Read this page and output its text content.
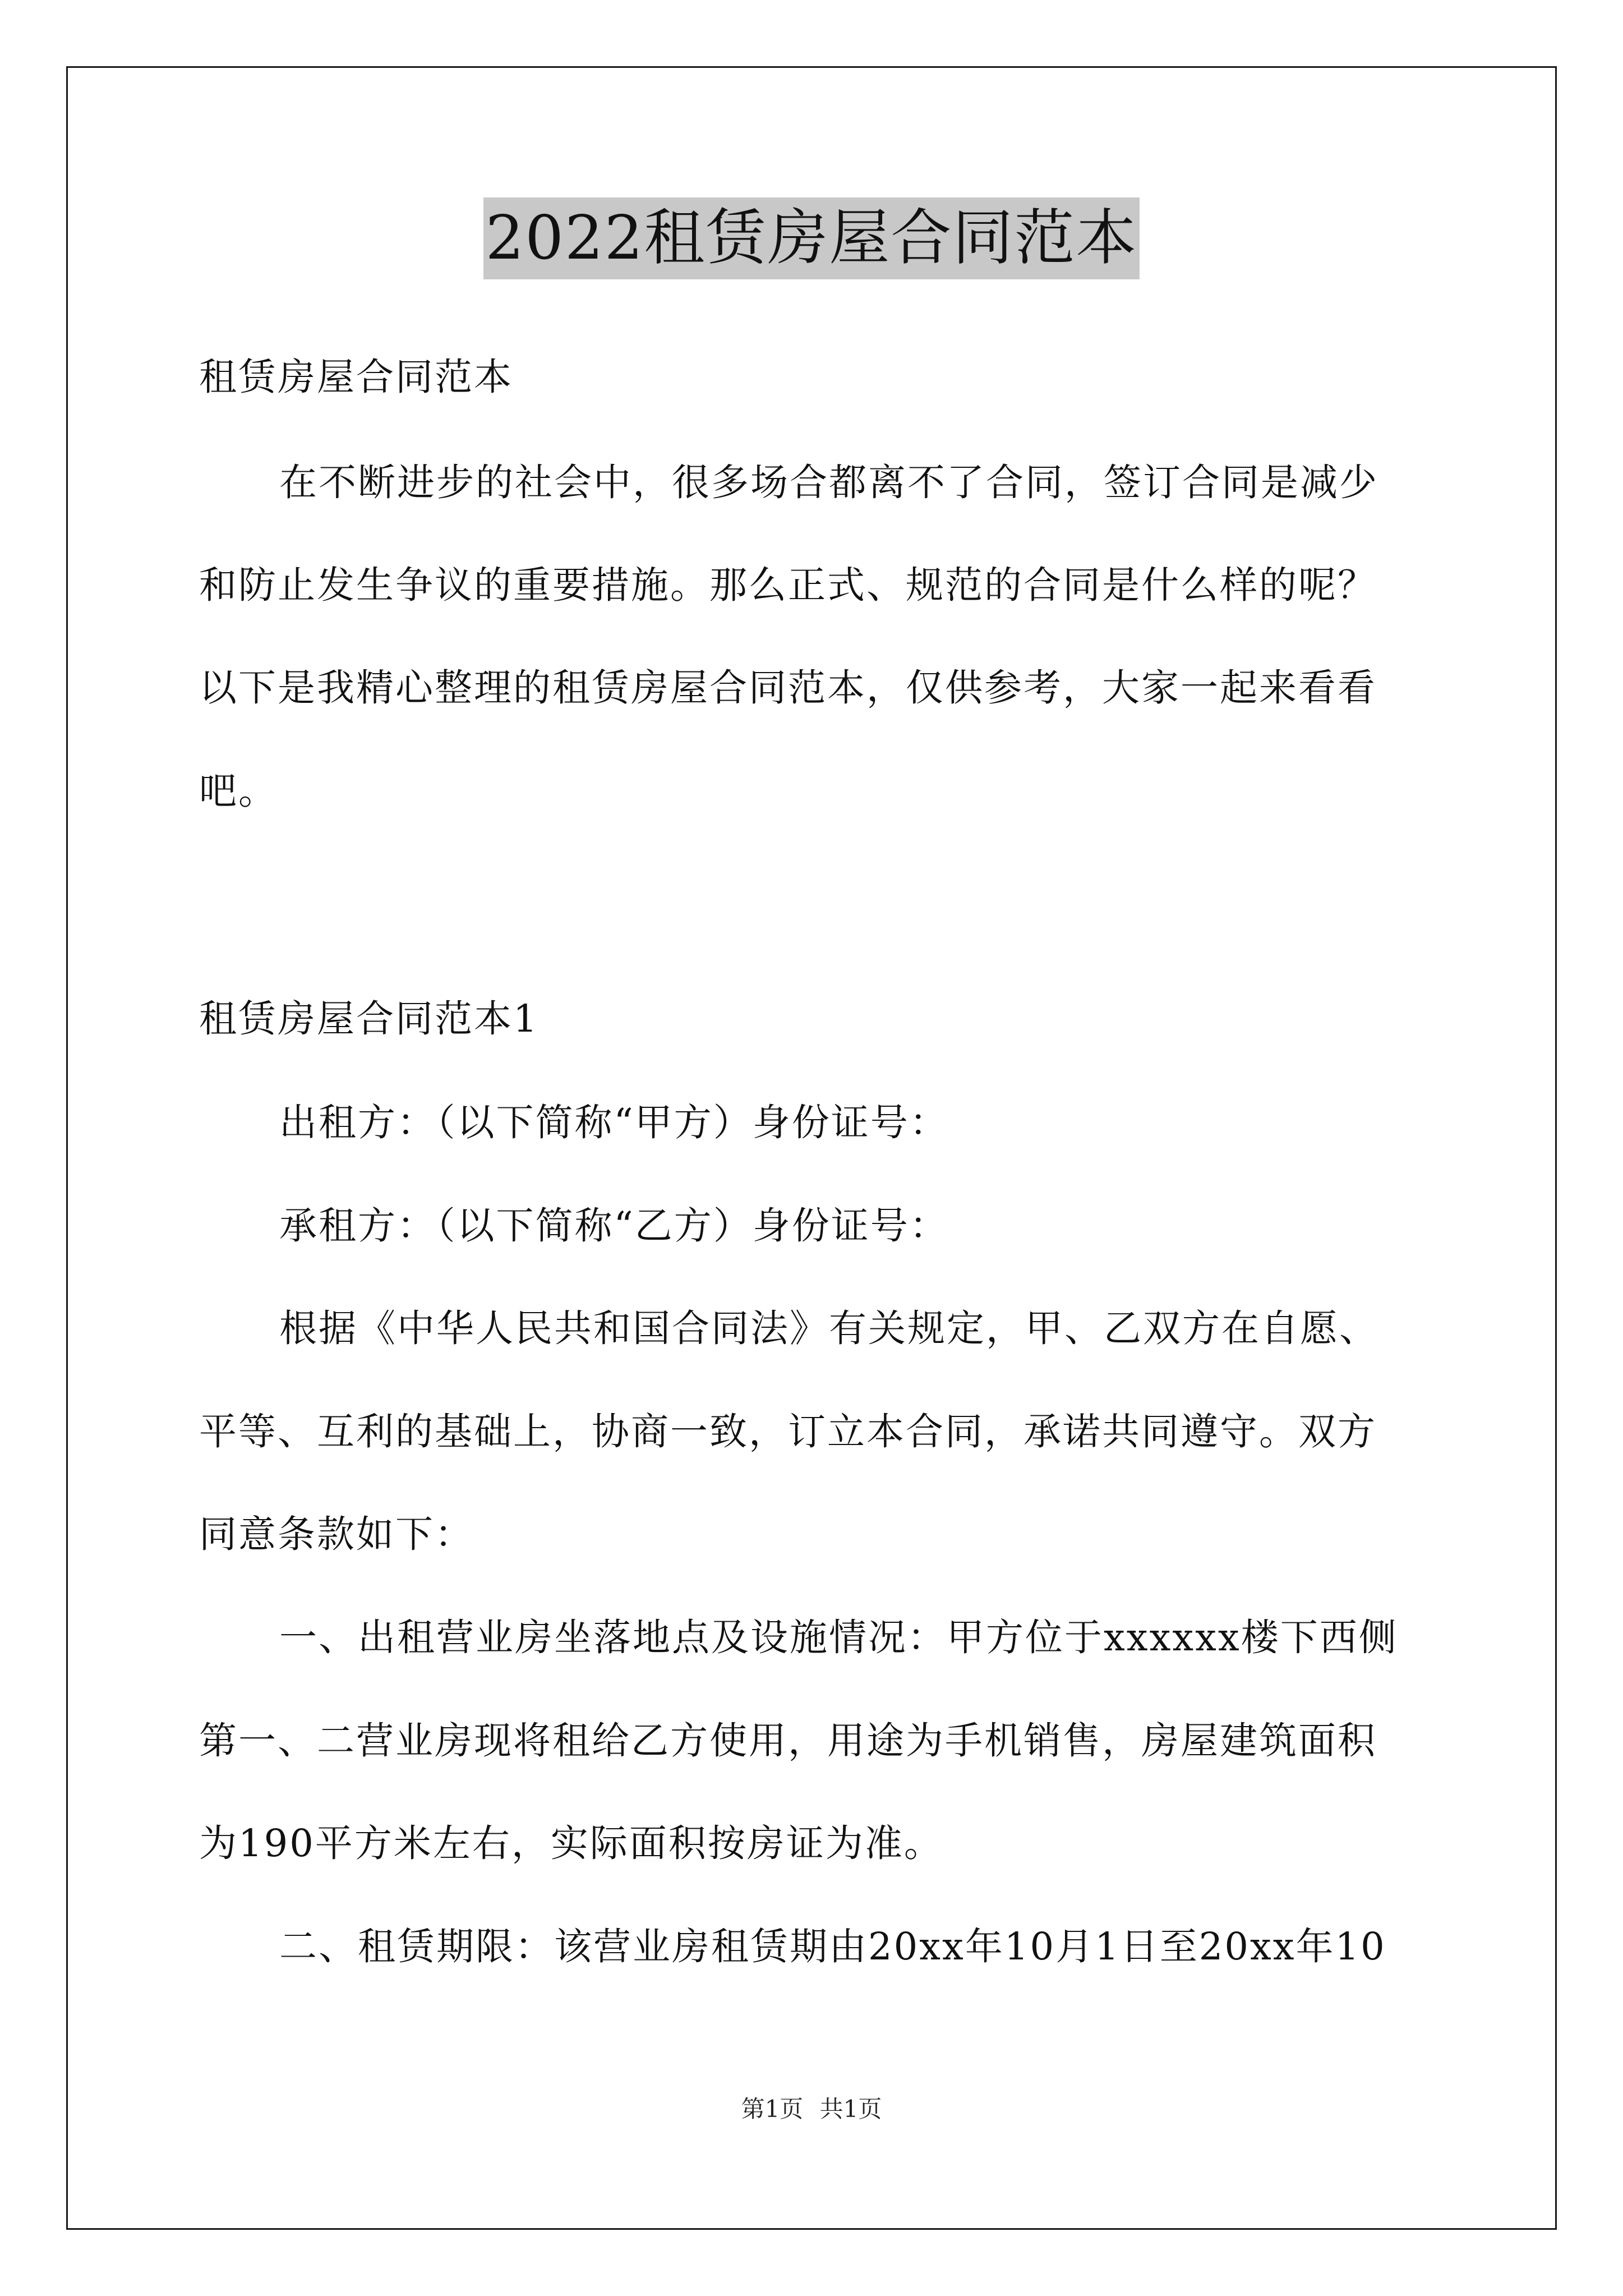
2022租赁房屋合同范本
租赁房屋合同范本
在不断进步的社会中，很多场合都离不了合同，签订合同是减少
和防止发生争议的重要措施。那么正式、规范的合同是什么样的呢？
以下是我精心整理的租赁房屋合同范本，仅供参考，大家一起来看看
吧。
租赁房屋合同范本1
出租方：（以下简称“甲方）身份证号：
承租方：（以下简称“乙方）身份证号：
根据《中华人民共和国合同法》有关规定，甲、乙双方在自愿、
平等、互利的基础上，协商一致，订立本合同，承诺共同遵守。双方
同意条款如下：
一、出租营业房坐落地点及设施情况：甲方位于xxxxxx楼下西侧
第一、二营业房现将租给乙方使用，用途为手机销售，房屋建筑面积
为190平方米左右，实际面积按房证为准。
二、租赁期限：该营业房租赁期由20xx年10月1日至20xx年10
第1页 共1页
